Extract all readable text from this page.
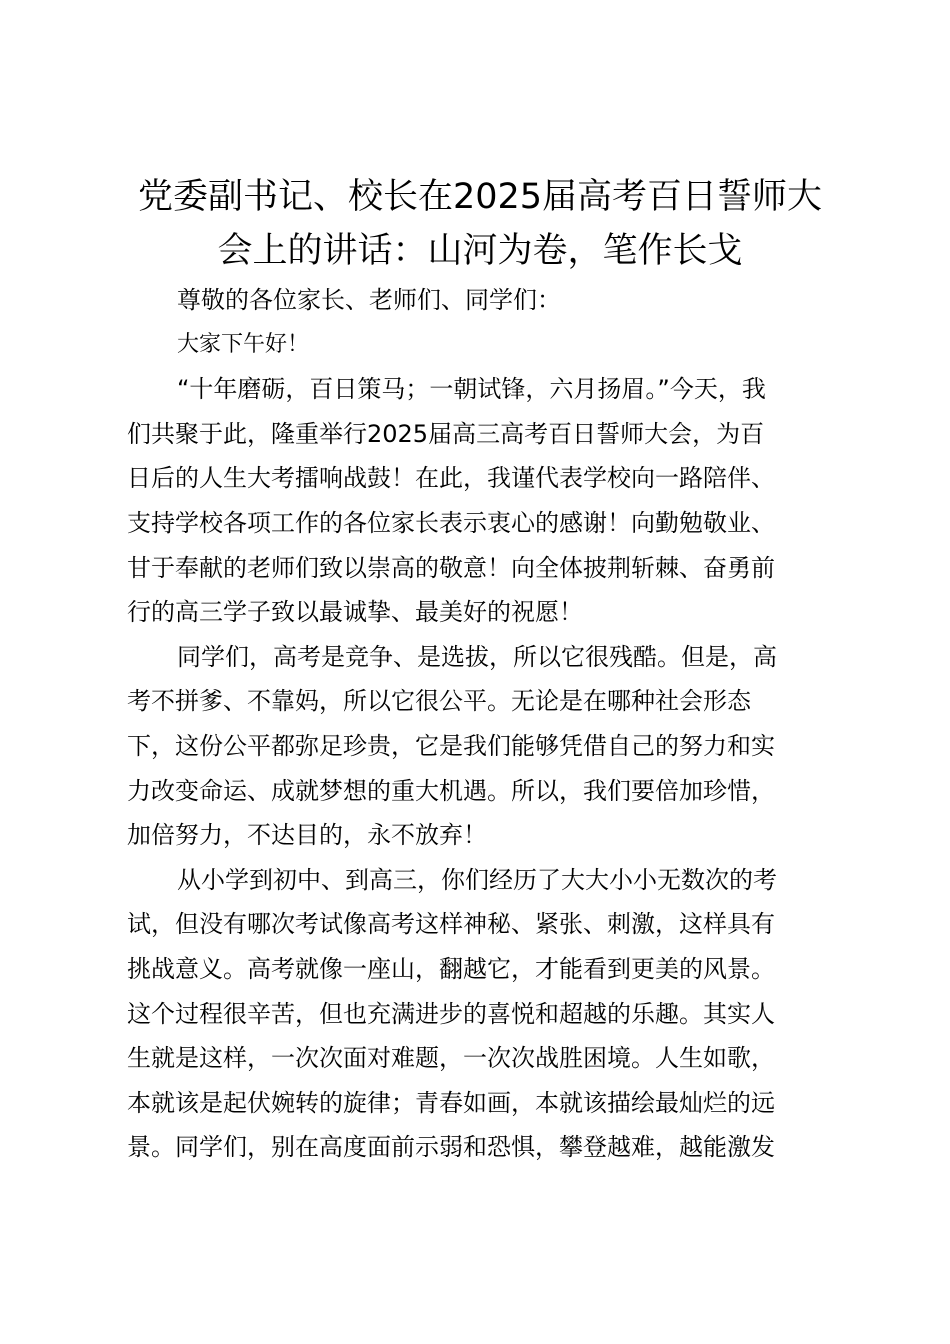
党委副书记、校长在2025届高考百日誓师大
会上的讲话：山河为卷，笔作长戈
尊敬的各位家长、老师们、同学们：
大家下午好！
“十年磨砺，百日策马；一朝试锋，六月扬眉。”今天，我
们共聚于此，隆重举行2025届高三高考百日誓师大会，为百
日后的人生大考擂响战鼓！在此，我谨代表学校向一路陪伴、
支持学校各项工作的各位家长表示衷心的感谢！向勤勉敬业、
甘于奉献的老师们致以崇高的敬意！向全体披荆斩棘、奋勇前
行的高三学子致以最诚挚、最美好的祝愿！
同学们，高考是竞争、是选拔，所以它很残酷。但是，高
考不拼爹、不靠妈，所以它很公平。无论是在哪种社会形态
下，这份公平都弥足珍贵，它是我们能够凭借自己的努力和实
力改变命运、成就梦想的重大机遇。所以，我们要倍加珍惜，
加倍努力，不达目的，永不放弃！
从小学到初中、到高三，你们经历了大大小小无数次的考
试，但没有哪次考试像高考这样神秘、紧张、刺激，这样具有
挑战意义。高考就像一座山，翻越它，才能看到更美的风景。
这个过程很辛苦，但也充满进步的喜悦和超越的乐趣。其实人
生就是这样，一次次面对难题，一次次战胜困境。人生如歌，
本就该是起伏婉转的旋律；青春如画，本就该描绘最灿烂的远
景。同学们，别在高度面前示弱和恐惧，攀登越难，越能激发
